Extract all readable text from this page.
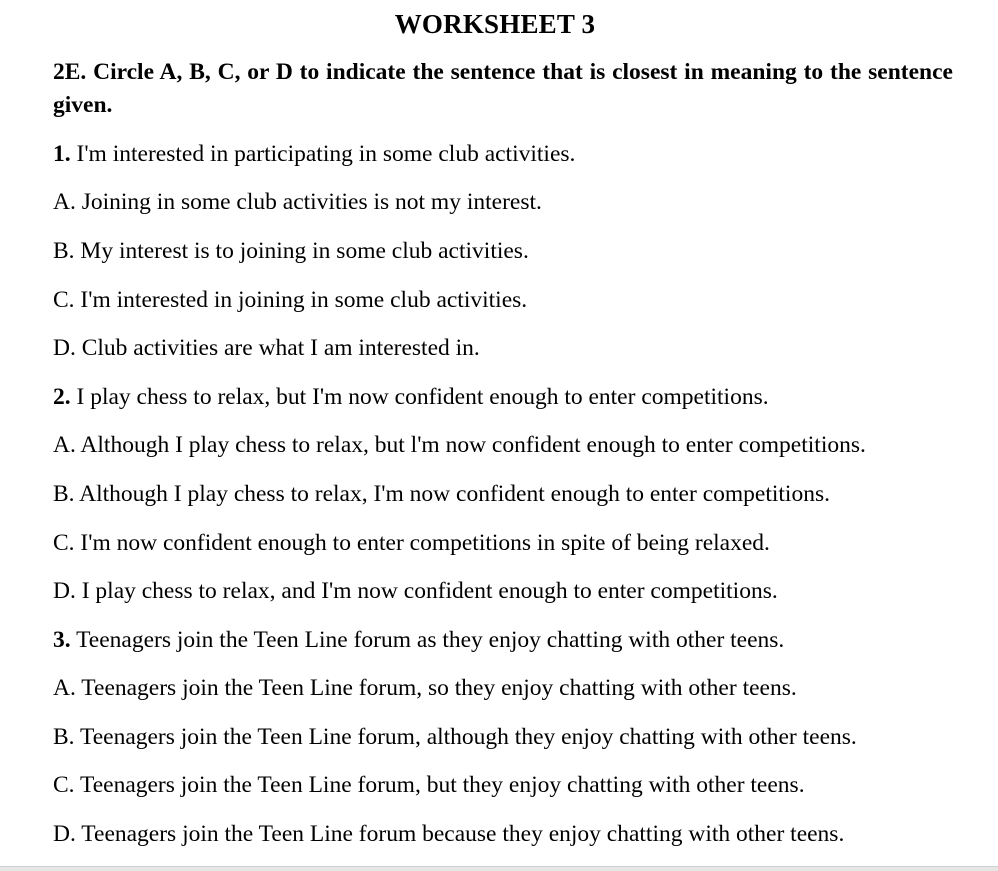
WORKSHEET 3
2E. Circle A, B, C, or D to indicate the sentence that is closest in meaning to the sentence given.
1. I'm interested in participating in some club activities.
A. Joining in some club activities is not my interest.
B. My interest is to joining in some club activities.
C. I'm interested in joining in some club activities.
D. Club activities are what I am interested in.
2. I play chess to relax, but I'm now confident enough to enter competitions.
A. Although I play chess to relax, but l'm now confident enough to enter competitions.
B. Although I play chess to relax, I'm now confident enough to enter competitions.
C. I'm now confident enough to enter competitions in spite of being relaxed.
D. I play chess to relax, and I'm now confident enough to enter competitions.
3. Teenagers join the Teen Line forum as they enjoy chatting with other teens.
A. Teenagers join the Teen Line forum, so they enjoy chatting with other teens.
B. Teenagers join the Teen Line forum, although they enjoy chatting with other teens.
C. Teenagers join the Teen Line forum, but they enjoy chatting with other teens.
D. Teenagers join the Teen Line forum because they enjoy chatting with other teens.
